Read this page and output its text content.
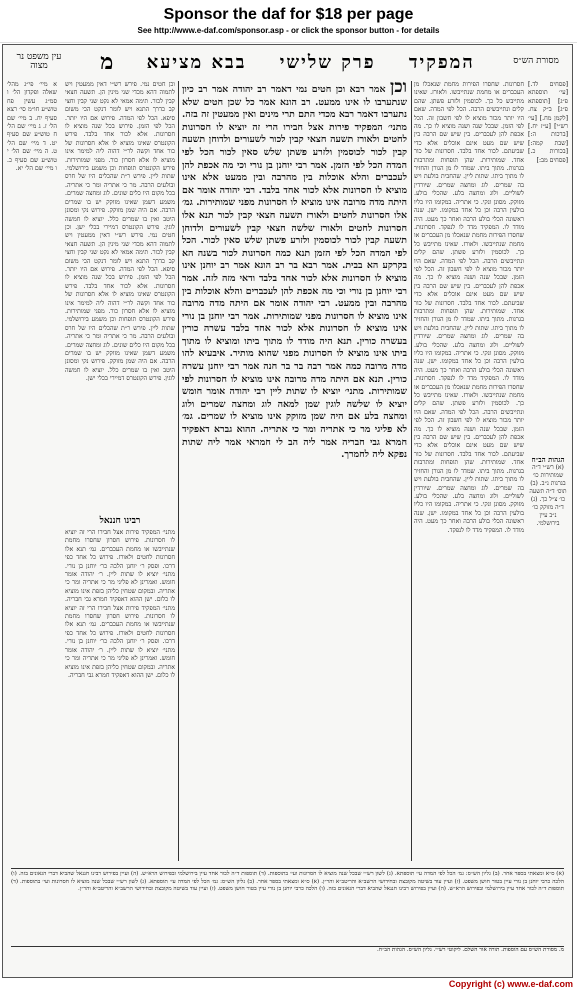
Sponsor the daf for $18 per page
See http://www.e-daf.com/sponsor.asp - or click the sponsor button - for details
מסורת הש״ס
המפקיד
פרק שלישי
בבא מציעא
מ
עין משפט נר מצוה
[פסחים לד.] [עי׳ תוספתא פ״ג] [תוספתא פ״ג] ב״ק צח. [לקמן מח.] [עי׳ רש״י] [ע״ז יח.] [ברכות ה:] [שבת קמה:] [בכורות כ.] [פסחים מב:]
הגהות הב״ח
(א) רש״י ד״ה שמותירות כו׳ בגרנות נ״ב. (ב) תוס׳ ד״ה תשעה כו׳ צ״ל כך. (ג) ד״ה מזוקק כו׳ נ״ב עיין בירושלמי.
חסרונות. שחסרו הפירות מחמת שנאכלו מן העכברים או מחמת שנתייבשו. ולאורז. שאינו מתייבש כל כך. לכוסמין ולזרע פשתן. שהם קלים ונתייבשים הרבה. הכל לפי המדה. שאם היו יותר מכור מוציא לו לפי חשבון זה. הכל לפי הזמן. שבכל שנה ושנה מוציא לו כך. מה אכפת להן לעכברים. בין שיש שם הרבה בין שיש שם מעט אינם אוכלים אלא כדי שביעתם. לכור אחד בלבד. חסרונות של כור אחד. שמותירות. שהן תופחות ומתרבות בגרנות. מתוך ביתו. שמדד לו מן הגורן והחזיר לו מתוך ביתו. שתות ליין. שהחבית בולעת ויש בה שמרים. לוג ומחצה שמרים. שיורדין לשוליים. ולוג ומחצה בלע. שהכלי בולע. מזוקק. מסונן ונקי. כי אתריה. במקומו היו כליו בולעין הרבה וכן כל אחד במקומו. ישן. שנה ראשונה הכלי בולע הרבה ואחר כך מעט. היה מודד לו. המפקיד מדד לו לנפקד. חסרונות. שחסרו הפירות מחמת שנאכלו מן העכברים או מחמת שנתייבשו. ולאורז. שאינו מתייבש כל כך. לכוסמין ולזרע פשתן. שהם קלים ונתייבשים הרבה. הכל לפי המדה. שאם היו יותר מכור מוציא לו לפי חשבון זה. הכל לפי הזמן. שבכל שנה ושנה מוציא לו כך. מה אכפת להן לעכברים. בין שיש שם הרבה בין שיש שם מעט אינם אוכלים אלא כדי שביעתם. לכור אחד בלבד. חסרונות של כור אחד. שמותירות. שהן תופחות ומתרבות בגרנות. מתוך ביתו. שמדד לו מן הגורן והחזיר לו מתוך ביתו. שתות ליין. שהחבית בולעת ויש בה שמרים. לוג ומחצה שמרים. שיורדין לשוליים. ולוג ומחצה בלע. שהכלי בולע. מזוקק. מסונן ונקי. כי אתריה. במקומו היו כליו בולעין הרבה וכן כל אחד במקומו. ישן. שנה ראשונה הכלי בולע הרבה ואחר כך מעט. היה מודד לו. המפקיד מדד לו לנפקד. חסרונות. שחסרו הפירות מחמת שנאכלו מן העכברים או מחמת שנתייבשו. ולאורז. שאינו מתייבש כל כך. לכוסמין ולזרע פשתן. שהם קלים ונתייבשים הרבה. הכל לפי המדה. שאם היו יותר מכור מוציא לו לפי חשבון זה. הכל לפי הזמן. שבכל שנה ושנה מוציא לו כך. מה אכפת להן לעכברים. בין שיש שם הרבה בין שיש שם מעט אינם אוכלים אלא כדי שביעתם. לכור אחד בלבד. חסרונות של כור אחד. שמותירות. שהן תופחות ומתרבות בגרנות. מתוך ביתו. שמדד לו מן הגורן והחזיר לו מתוך ביתו. שתות ליין. שהחבית בולעת ויש בה שמרים. לוג ומחצה שמרים. שיורדין לשוליים. ולוג ומחצה בלע. שהכלי בולע. מזוקק. מסונן ונקי. כי אתריה. במקומו היו כליו בולעין הרבה וכן כל אחד במקומו. ישן. שנה ראשונה הכלי בולע הרבה ואחר כך מעט. היה מודד לו. המפקיד מדד לו לנפקד.
וכן אמר רבא וכן חטים נמי דאמר רב יהודה אמר רב כיון שנתערבו לו אינו ממעט. רב הונא אמר כל שכן חטים שלא נתערבו דאמר רבא מכדי התם תרי מינים ואין ממעטין זה בזה. מתני׳ המפקיד פירות אצל חבירו הרי זה יוציא לו חסרונות לחטים ולאורז תשעה חצאי קבין לכור לשעורים ולדוחן תשעה קבין לכור לכוסמין ולזרע פשתן שלש סאין לכור הכל לפי המדה הכל לפי הזמן. אמר רבי יוחנן בן נורי וכי מה אכפת להן לעכברים והלא אוכלות בין מהרבה ובין ממעט אלא אינו מוציא לו חסרונות אלא לכור אחד בלבד. רבי יהודה אומר אם היתה מדה מרובה אינו מוציא לו חסרונות מפני שמותירות. גמ׳ אלו חסרונות לחטים ולאורז תשעה חצאי קבין לכור תנא אלו חסרונות לחטים ולאורז שלשה חצאי קבין לשעורים ולדוחן תשעה קבין לכור לכוסמין ולזרע פשתן שלש סאין לכור. הכל לפי המדה הכל לפי הזמן תנא כמה חסרונות לכור בשנה הא בקרקע הא בבית. אמר רבא בר רב הונא אמר רב יוחנן אינו מוציא לו חסרונות אלא לכור אחד בלבד ודאי מזה לזה. אמר רבי יוחנן בן נורי וכי מה אכפת להן לעכברים והלא אוכלות בין מהרבה ובין ממעט. רבי יהודה אומר אם היתה מדה מרובה אינו מוציא לו חסרונות מפני שמותירות. אמר רבי יוחנן בן נורי אינו מוציא לו חסרונות אלא לכור אחד בלבד עשרה כורין בעשרה כורין. תנא היה מודד לו מתוך ביתו ומוציא לו מתוך ביתו אינו מוציא לו חסרונות מפני שהוא מותיר. איבעיא להו מדה מרובה כמה אמר רבה בר בר חנה אמר רבי יוחנן עשרה כורין. תנא אם היתה מדה מרובה אינו מוציא לו חסרונות לפי שמותירות. מתני׳ יוציא לו שתות ליין רבי יהודה אומר חומש יוציא לו שלשה לוגין שמן למאה לוג ומחצה שמרים ולוג ומחצה בלע אם היה שמן מזוקק אינו מוציא לו שמרים. גמ׳ לא פליגי מר כי אתריה ומר כי אתריה. ההוא גברא דאפקיד חמרא גבי חבריה אמר ליה הב לי חמראי אמר ליה שתות נפקא ליה לחמרך.
וכן חטים נמי. פירש רש״י דאין ממעטין ויש לתמוה דהא מכדי שני מינין הן. תשעה חצאי קבין לכור. תימה אמאי לא נקט שני קבין וחצי קב כדרך התנא ויש לומר דנקט הכי משום סיפא. הכל לפי המדה. פירוש אם היו יותר. הכל לפי הזמן. פירוש בכל שנה מוציא לו חסרונות. אלא לכור אחד בלבד. פירש הקונטרס שאינו מוציא לו אלא חסרונות של כור אחד וקשה לר״י דהוה ליה למימר אינו מוציא לו אלא חסרון כור. מפני שמותירות. פירש הקונטרס תופחות וכן משמע בירושלמי. שתות ליין. פירש ר״ת שהכלים היו של חרס ובולעים הרבה. מר כי אתריה ומר כי אתריה. בכל מקום היו כלים שונים. לוג ומחצה שמרים. משמע דשמן שאינו מזוקק יש בו שמרים הרבה. אם היה שמן מזוקק. פירוש נקי ומסונן היטב ואין בו שמרים כלל. יוציא לו חמשה לוגין. פירש הקונטרס דמיירי בכלי ישן. וכן חטים נמי. פירש רש״י דאין ממעטין ויש לתמוה דהא מכדי שני מינין הן. תשעה חצאי קבין לכור. תימה אמאי לא נקט שני קבין וחצי קב כדרך התנא ויש לומר דנקט הכי משום סיפא. הכל לפי המדה. פירוש אם היו יותר. הכל לפי הזמן. פירוש בכל שנה מוציא לו חסרונות. אלא לכור אחד בלבד. פירש הקונטרס שאינו מוציא לו אלא חסרונות של כור אחד וקשה לר״י דהוה ליה למימר אינו מוציא לו אלא חסרון כור. מפני שמותירות. פירש הקונטרס תופחות וכן משמע בירושלמי. שתות ליין. פירש ר״ת שהכלים היו של חרס ובולעים הרבה. מר כי אתריה ומר כי אתריה. בכל מקום היו כלים שונים. לוג ומחצה שמרים. משמע דשמן שאינו מזוקק יש בו שמרים הרבה. אם היה שמן מזוקק. פירוש נקי ומסונן היטב ואין בו שמרים כלל. יוציא לו חמשה לוגין. פירש הקונטרס דמיירי בכלי ישן.
רבינו חננאל
מתני׳ המפקיד פירות אצל חבירו הרי זה יוציא לו חסרונות. פירוש חסרון שחסרו מחמת שנתייבשו או מחמת העכברים. גמ׳ תנא אלו חסרונות לחטים ולאורז. פירוש כל אחד כפי דרכו. ופסק ר׳ יוחנן הלכה כר׳ יוחנן בן נורי. מתני׳ יוציא לו שתות ליין. ר׳ יהודה אומר חומש. ואמרינן לא פליגי מר כי אתריה ומר כי אתריה. ובמקום שטחין כליהן בזפת אינו מוציא לו כלום. ישן ההוא דאפקיד חמרא גבי חבריה. מתני׳ המפקיד פירות אצל חבירו הרי זה יוציא לו חסרונות. פירוש חסרון שחסרו מחמת שנתייבשו או מחמת העכברים. גמ׳ תנא אלו חסרונות לחטים ולאורז. פירוש כל אחד כפי דרכו. ופסק ר׳ יוחנן הלכה כר׳ יוחנן בן נורי. מתני׳ יוציא לו שתות ליין. ר׳ יהודה אומר חומש. ואמרינן לא פליגי מר כי אתריה ומר כי אתריה. ובמקום שטחין כליהן בזפת אינו מוציא לו כלום. ישן ההוא דאפקיד חמרא גבי חבריה.
א מיי׳ פי״ג מהל׳ שאלה ופקדון הל׳ ו סמ״ג עשין פח טוש״ע חו״מ סי׳ רצא סעיף יח. ב מיי׳ שם הל׳ ז. ג מיי׳ שם הל׳ ח טוש״ע שם סעיף יט. ד מיי׳ שם הל׳ ט. ה מיי׳ שם הל׳ י טוש״ע שם סעיף כ. ו מיי׳ שם הל׳ יא.
(א) ס״א ומצאתי בספר אחר. (ב) גליון הש״ס: גמ׳ הכל לפי המדה עי׳ תוספתא. (ג) לשון רש״י שבכל שנה מוציא לו חסרונות ועי׳ בתוספות. (ד) תוספות ד״ה לכור אחד עיין בירושלמי ובפירוש הרא״ש. (ה) ועיין בפירוש רבינו חננאל שהביא דברי הגאונים בזה. (ו) הלכה כרבי יוחנן בן נורי עיין בטור חושן משפט. (ז) ועיין עוד בשיטה מקובצת ובחידושי הרשב״א והריטב״א והר״ן. (א) ס״א ומצאתי בספר אחר. (ב) גליון הש״ס: גמ׳ הכל לפי המדה עי׳ תוספתא. (ג) לשון רש״י שבכל שנה מוציא לו חסרונות ועי׳ בתוספות. (ד) תוספות ד״ה לכור אחד עיין בירושלמי ובפירוש הרא״ש. (ה) ועיין בפירוש רבינו חננאל שהביא דברי הגאונים בזה. (ו) הלכה כרבי יוחנן בן נורי עיין בטור חושן משפט. (ז) ועיין עוד בשיטה מקובצת ובחידושי הרשב״א והריטב״א והר״ן.
מ. מסורת הש״ס עם הוספות. תורה אור השלם. ליקוטי רש״י. גליון הש״ס. הגהות הב״ח.
Copyright (c) www.e-daf.com
